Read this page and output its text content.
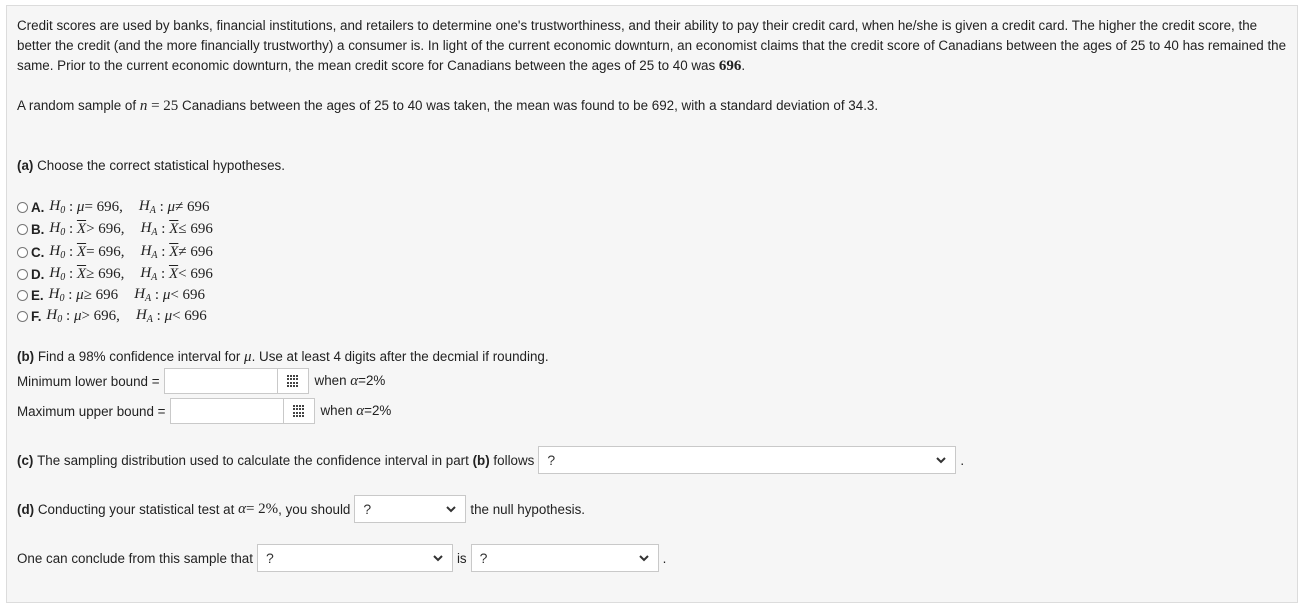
Credit scores are used by banks, financial institutions, and retailers to determine one's trustworthiness, and their ability to pay their credit card, when he/she is given a credit card. The higher the credit score, the better the credit (and the more financially trustworthy) a consumer is. In light of the current economic downturn, an economist claims that the credit score of Canadians between the ages of 25 to 40 has remained the same. Prior to the current economic downturn, the mean credit score for Canadians between the ages of 25 to 40 was 696.
A random sample of n = 25 Canadians between the ages of 25 to 40 was taken, the mean was found to be 692, with a standard deviation of 34.3.
(a) Choose the correct statistical hypotheses.
A. $H_0$ : μ = 696, $H_A$ : μ ≠ 696
B. $H_0$ : $\overline{X} > 696$, $H_A$ : $\overline{X} \le 696$
C. $H_0$ : $\overline{X} = 696$, $H_A$ : $\overline{X} \ne 696$
D. $H_0$ : $\overline{X} \ge 696$, $H_A$ : $\overline{X} < 696$
E. $H_0$ : μ ≥ 696 $H_A$ : μ < 696
F. $H_0$ : μ > 696, $H_A$ : μ < 696
(b) Find a 98% confidence interval for μ. Use at least 4 digits after the decmial if rounding.
Minimum lower bound =	when α=2%
Maximum upper bound =	when α=2%
(c)
The sampling distribution used to calculate the confidence interval in part
(b)
follows ?	.
(d)
Conducting your statistical test at
α = 2% , you should ?	the null hypothesis.
One can conclude from this sample that ?	is ?	.
